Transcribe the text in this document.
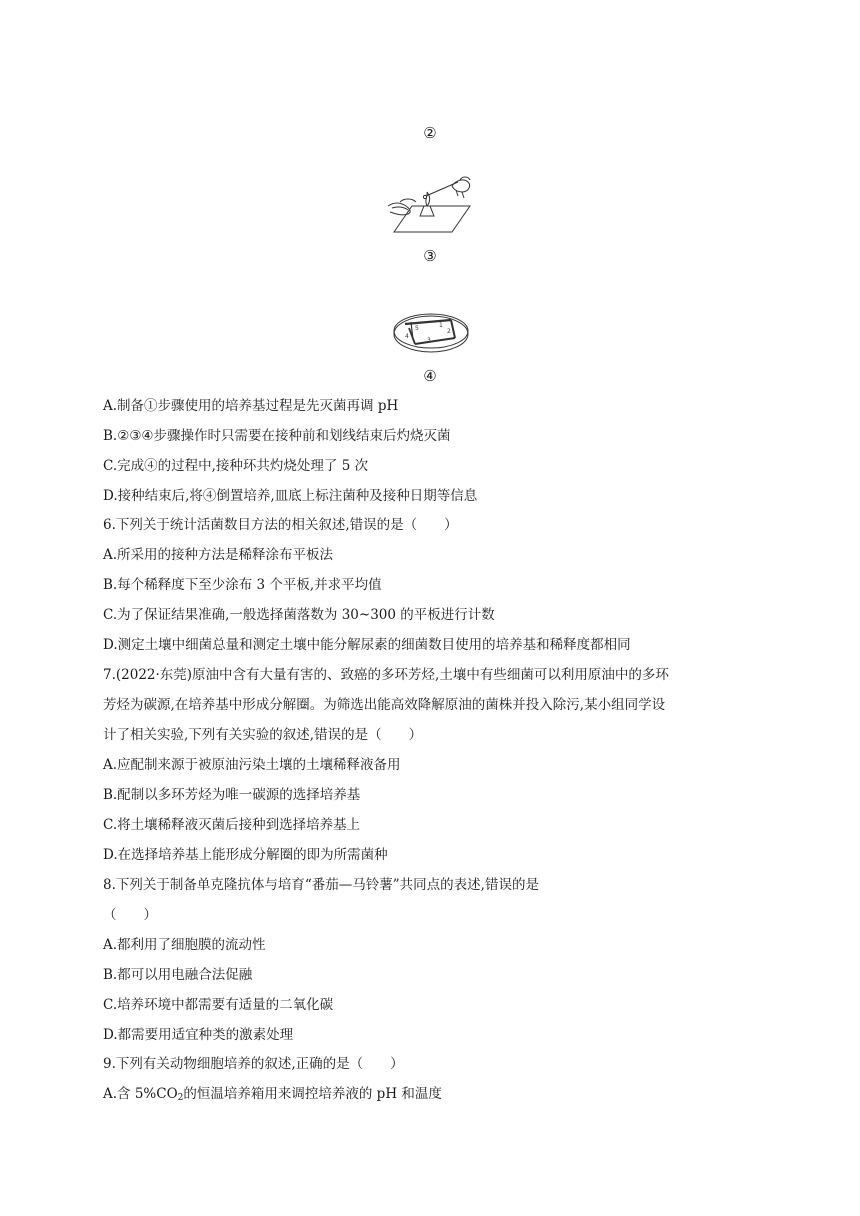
②
③
1
2
3
4
5
④
A.制备①步骤使用的培养基过程是先灭菌再调 pH
B.②③④步骤操作时只需要在接种前和划线结束后灼烧灭菌
C.完成④的过程中,接种环共灼烧处理了 5 次
D.接种结束后,将④倒置培养,皿底上标注菌种及接种日期等信息
6.下列关于统计活菌数目方法的相关叙述,错误的是（　　）
A.所采用的接种方法是稀释涂布平板法
B.每个稀释度下至少涂布 3 个平板,并求平均值
C.为了保证结果准确,一般选择菌落数为 30~300 的平板进行计数
D.测定土壤中细菌总量和测定土壤中能分解尿素的细菌数目使用的培养基和稀释度都相同
7.(2022·东莞)原油中含有大量有害的、致癌的多环芳烃,土壤中有些细菌可以利用原油中的多环
芳烃为碳源,在培养基中形成分解圈。为筛选出能高效降解原油的菌株并投入除污,某小组同学设
计了相关实验,下列有关实验的叙述,错误的是（　　）
A.应配制来源于被原油污染土壤的土壤稀释液备用
B.配制以多环芳烃为唯一碳源的选择培养基
C.将土壤稀释液灭菌后接种到选择培养基上
D.在选择培养基上能形成分解圈的即为所需菌种
8.下列关于制备单克隆抗体与培育“番茄—马铃薯”共同点的表述,错误的是
（　　）
A.都利用了细胞膜的流动性
B.都可以用电融合法促融
C.培养环境中都需要有适量的二氧化碳
D.都需要用适宜种类的激素处理
9.下列有关动物细胞培养的叙述,正确的是（　　）
A.含 $5\%CO_2$的恒温培养箱用来调控培养液的 pH 和温度
